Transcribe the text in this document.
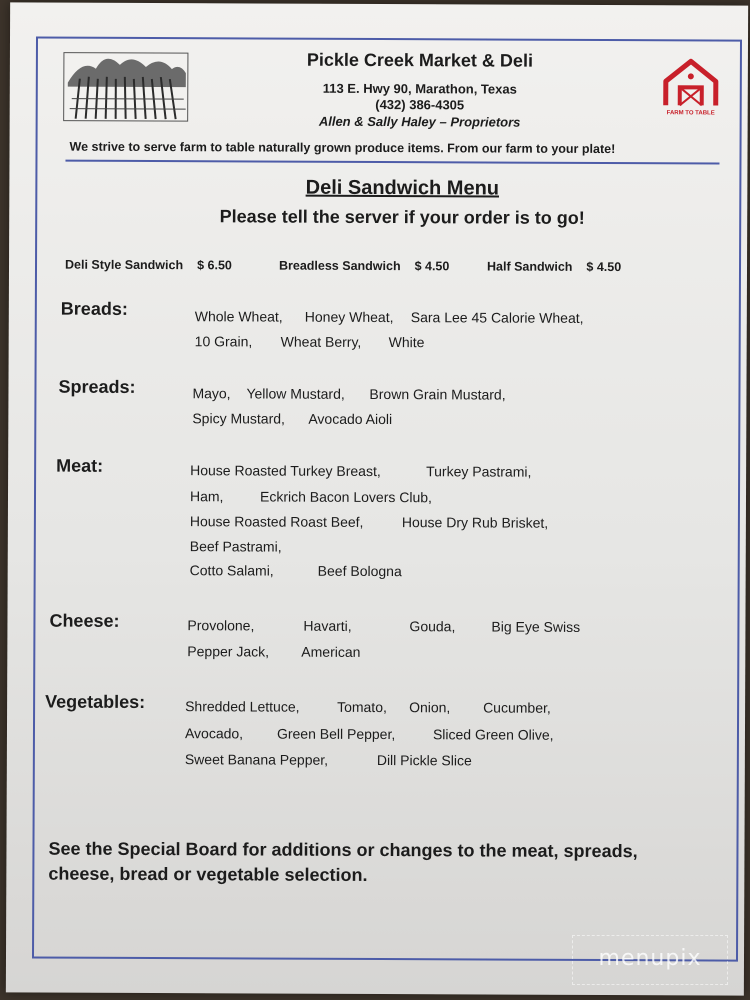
Pickle Creek Market & Deli
113 E. Hwy 90, Marathon, Texas
(432) 386-4305
Allen & Sally Haley – Proprietors
FARM TO TABLE
We strive to serve farm to table naturally grown produce items. From our farm to your plate!
Deli Sandwich Menu
Please tell the server if your order is to go!
Deli Style Sandwich $ 6.50	Breadless Sandwich $ 4.50	Half Sandwich $ 4.50
Breads:	Whole Wheat, Honey Wheat, Sara Lee 45 Calorie Wheat,
10 Grain, Wheat Berry, White
Spreads:	Mayo, Yellow Mustard, Brown Grain Mustard,
Spicy Mustard, Avocado Aioli
Meat:	House Roasted Turkey Breast,	Turkey Pastrami,
Ham,	Eckrich Bacon Lovers Club,
House Roasted Roast Beef,	House Dry Rub Brisket,
Beef Pastrami,
Cotto Salami,	Beef Bologna
Cheese:	Provolone,	Havarti,	Gouda,	Big Eye Swiss
Pepper Jack, American
Vegetables:	Shredded Lettuce,	Tomato, Onion, Cucumber,
Avocado, Green Bell Pepper,	Sliced Green Olive,
Sweet Banana Pepper,	Dill Pickle Slice
See the Special Board for additions or changes to the meat, spreads, cheese, bread or vegetable selection.
menupix
